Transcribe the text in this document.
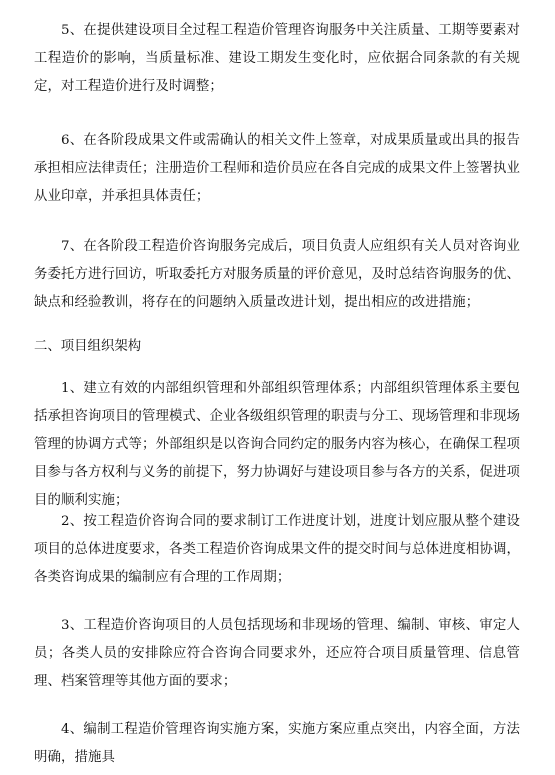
5、在提供建设项目全过程工程造价管理咨询服务中关注质量、工期等要素对工程造价的影响，当质量标准、建设工期发生变化时，应依据合同条款的有关规定，对工程造价进行及时调整；

6、在各阶段成果文件或需确认的相关文件上签章，对成果质量或出具的报告承担相应法律责任；注册造价工程师和造价员应在各自完成的成果文件上签署执业从业印章，并承担具体责任；

7、在各阶段工程造价咨询服务完成后，项目负责人应组织有关人员对咨询业务委托方进行回访，听取委托方对服务质量的评价意见，及时总结咨询服务的优、缺点和经验教训，将存在的问题纳入质量改进计划，提出相应的改进措施；

二、项目组织架构

1、建立有效的内部组织管理和外部组织管理体系；内部组织管理体系主要包括承担咨询项目的管理模式、企业各级组织管理的职责与分工、现场管理和非现场管理的协调方式等；外部组织是以咨询合同约定的服务内容为核心，在确保工程项目参与各方权利与义务的前提下，努力协调好与建设项目参与各方的关系，促进项目的顺利实施；

2、按工程造价咨询合同的要求制订工作进度计划，进度计划应服从整个建设项目的总体进度要求，各类工程造价咨询成果文件的提交时间与总体进度相协调，各类咨询成果的编制应有合理的工作周期；

3、工程造价咨询项目的人员包括现场和非现场的管理、编制、审核、审定人员；各类人员的安排除应符合咨询合同要求外，还应符合项目质量管理、信息管理、档案管理等其他方面的要求；

4、编制工程造价管理咨询实施方案，实施方案应重点突出，内容全面，方法明确，措施具
